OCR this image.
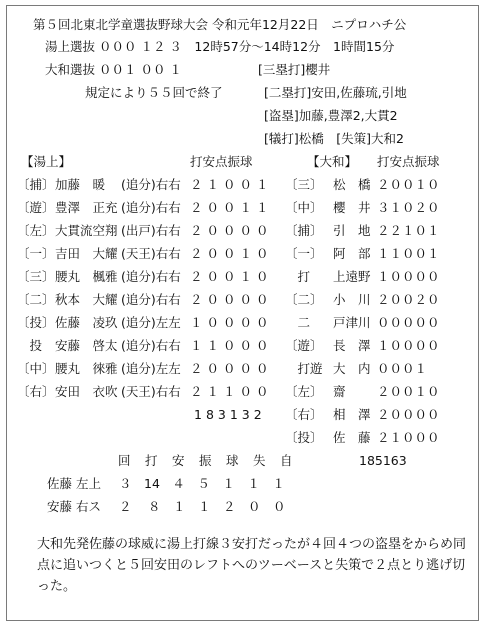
第５回北東北学童選抜野球大会 令和元年12月22日　ニプロハチ公
湯上選抜 ０００ １２ ３　12時57分～14時12分　1時間15分
大和選抜 ００１ ００ １	[三塁打]櫻井
規定により５５回で終了	[二塁打]安田,佐藤琉,引地
[盗塁]加藤,豊澤2,大貫2
[犠打]松橋　[失策]大和2
【湯上】	打安点振球	【大和】 打安点振球
〔捕〕 加藤　暖 (追分)右右 ２１００１
〔遊〕 豊澤　正充 (追分)右右 ２００１１
〔左〕 大貫流空翔 (出戸)右右 ２００００
〔一〕 吉田　大耀 (天王)右右 ２００１０
〔三〕 腰丸　楓雅 (追分)右右 ２００１０
〔二〕 秋本　大耀 (追分)右右 ２００００
〔投〕 佐藤　凌玖 (追分)左左 １００００
　投 安藤　啓太 (追分)右右 １１０００
〔中〕 腰丸　徠雅 (追分)左左 ２００００
〔右〕 安田　衣吹 (天王)右右 ２１１００
〔三〕 松　橋 ２００１０
〔中〕 櫻　井 ３１０２０
〔捕〕 引　地 ２２１０１
〔一〕 阿　部 １１００１
　打 上遠野 １００００
〔二〕 小　川 ２００２０
　二 戸津川 ０００００
〔遊〕 長　澤 １００００
　打遊 大　内 ０００１
〔左〕 齋	２００１０
〔右〕 相　澤 ２００００
〔投〕 佐　藤 ２１０００
183132
回　打　安　振　球　失　自	185163
佐藤 左上 ３　14　４　５　１　１　１
安藤 右ス ２　 ８　１　１　２　０　０
大和先発佐藤の球威に湯上打線３安打だったが４回４つの盗塁をからめ同点に追いつくと５回安田のレフトへのツーベースと失策で２点とり逃げ切った。
